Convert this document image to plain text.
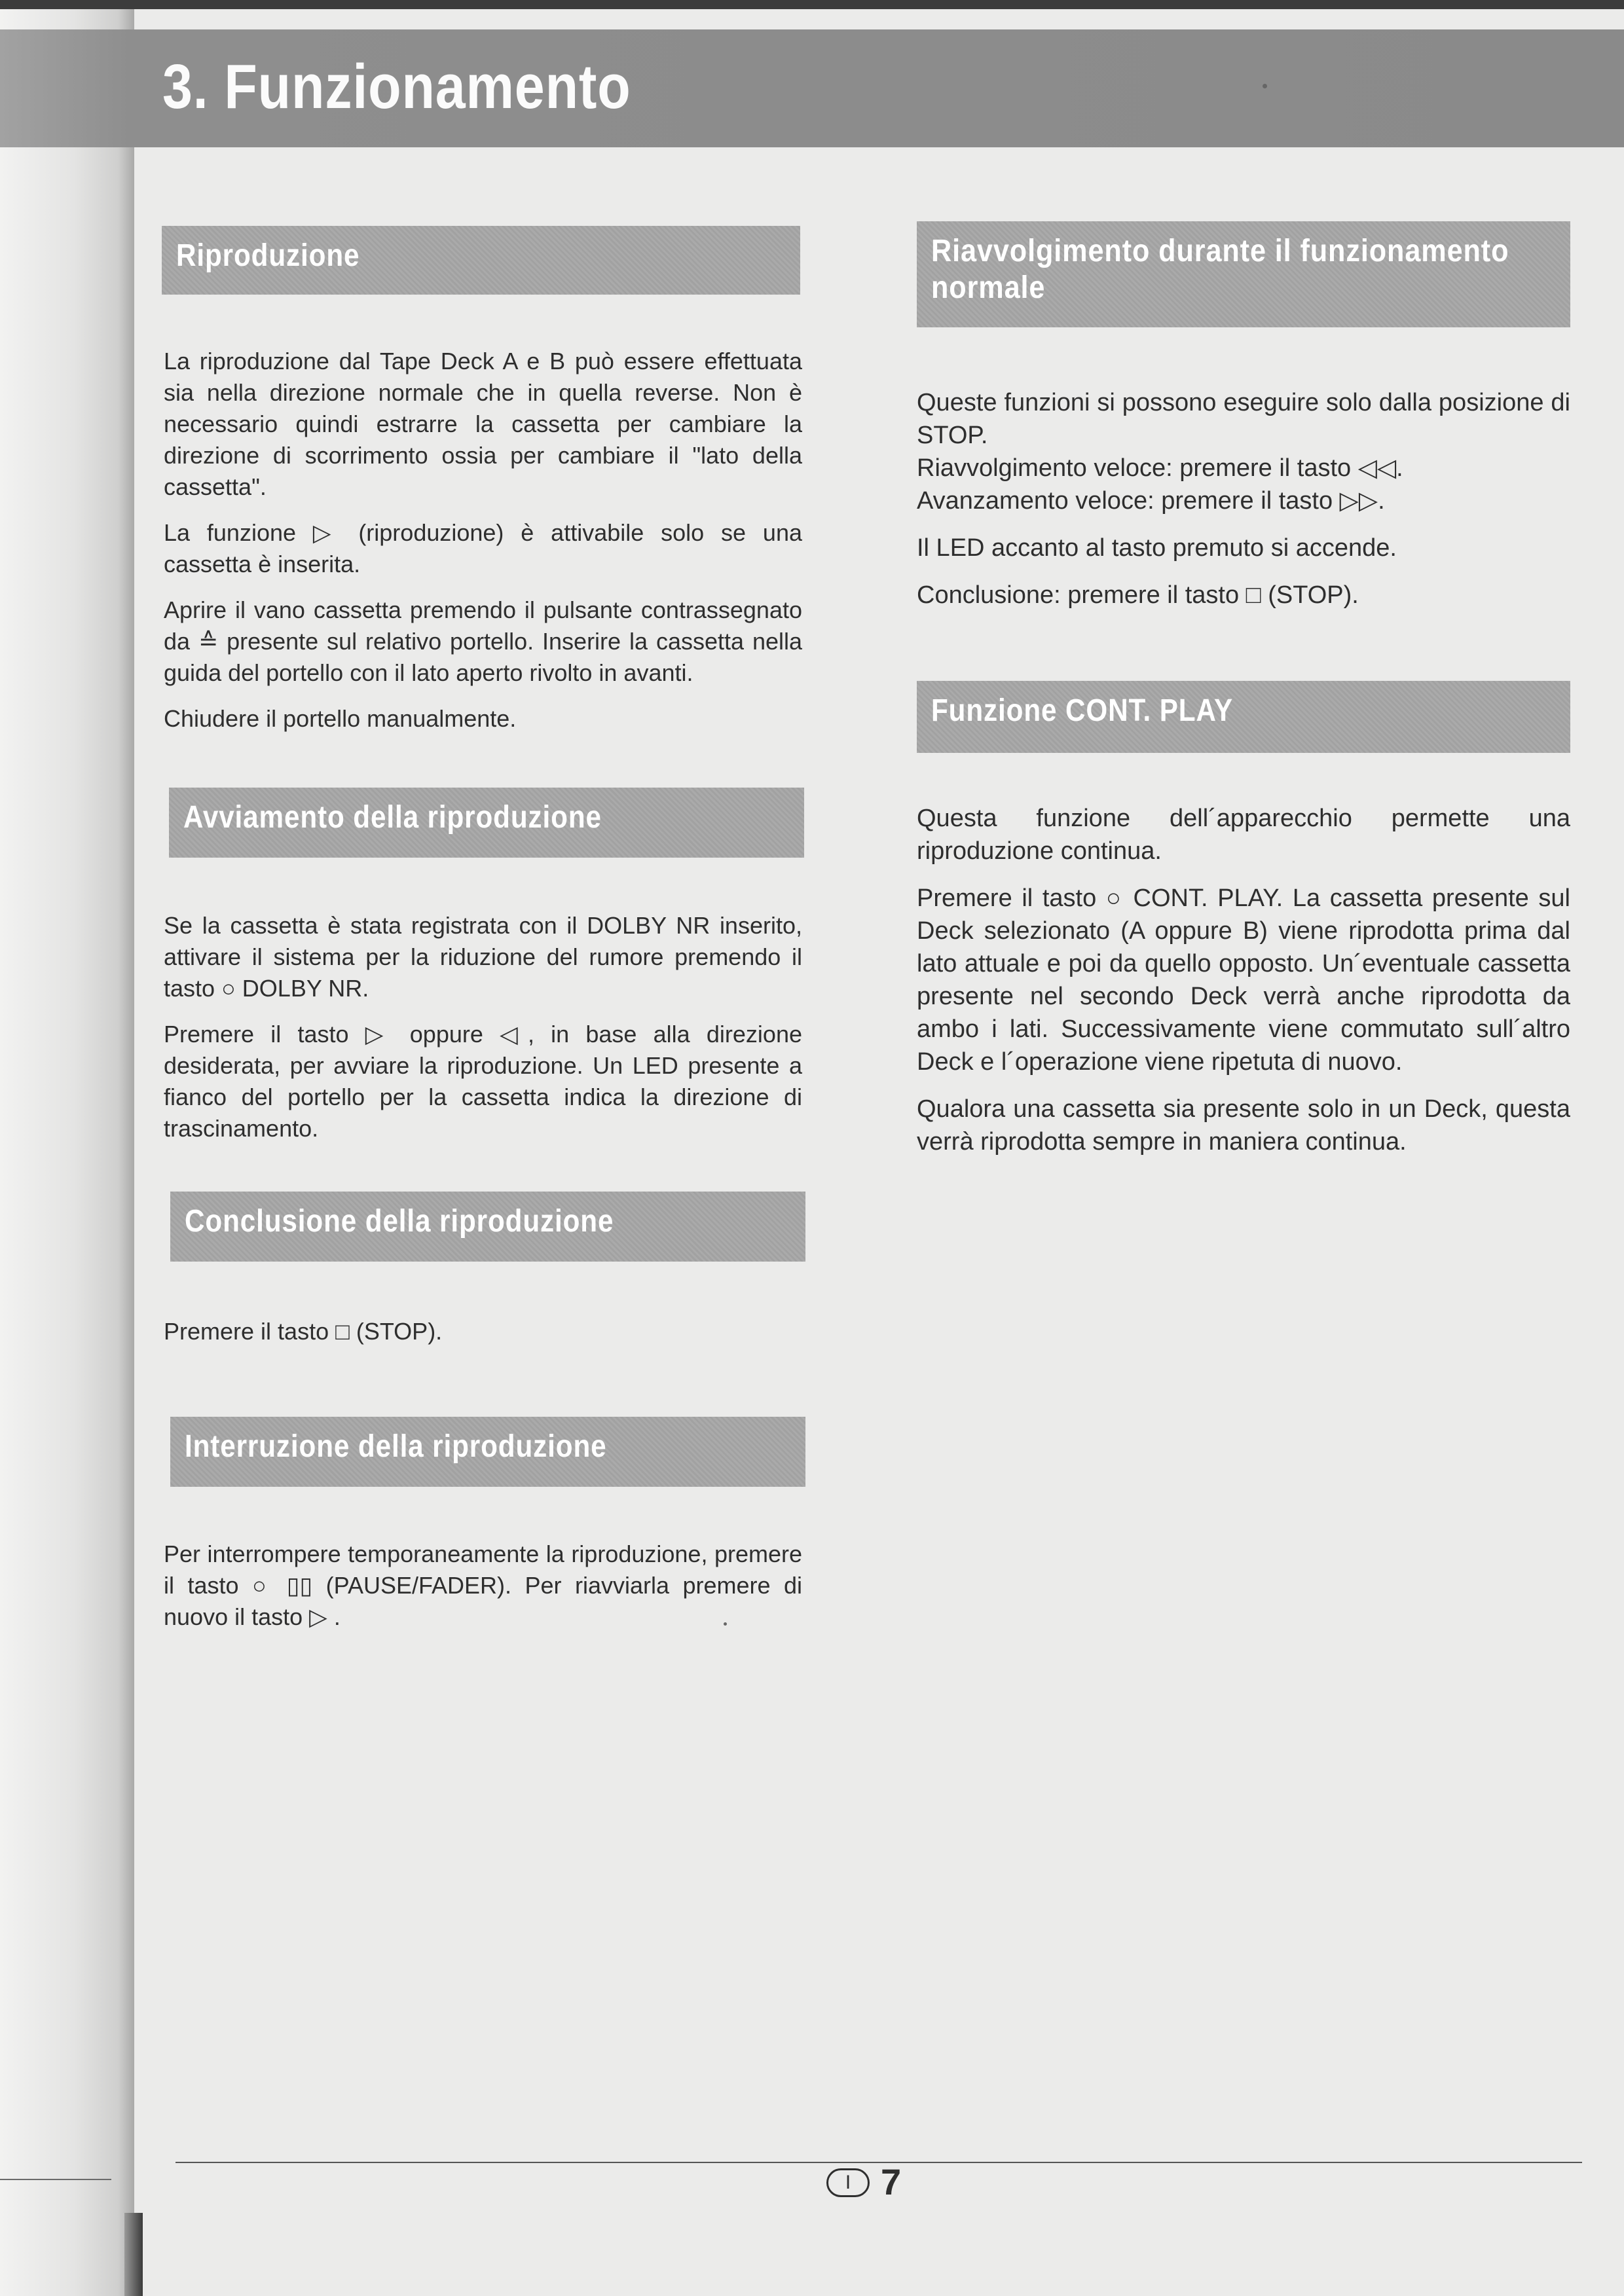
3. Funzionamento
Riproduzione

La riproduzione dal Tape Deck A e B può essere effettuata sia nella direzione normale che in quella reverse. Non è necessario quindi estrarre la cassetta per cambiare la direzione di scorrimento ossia per cambiare il "lato della cassetta".

La funzione ▷ (riproduzione) è attivabile solo se una cassetta è inserita.

Aprire il vano cassetta premendo il pulsante contrassegnato da ≙ presente sul relativo portello. Inserire la cassetta nella guida del portello con il lato aperto rivolto in avanti.

Chiudere il portello manualmente.

Avviamento della riproduzione

Se la cassetta è stata registrata con il DOLBY NR inserito, attivare il sistema per la riduzione del rumore premendo il tasto ○ DOLBY NR.

Premere il tasto ▷ oppure ◁, in base alla direzione desiderata, per avviare la riproduzione. Un LED presente a fianco del portello per la cassetta indica la direzione di trascinamento.

Conclusione della riproduzione

Premere il tasto □ (STOP).

Interruzione della riproduzione

Per interrompere temporaneamente la riproduzione, premere il tasto ○ ▯▯ (PAUSE/FADER). Per riavviarla premere di nuovo il tasto ▷ .

Riavvolgimento durante il funzionamento normale

Queste funzioni si possono eseguire solo dalla posizione di STOP.

Riavvolgimento veloce: premere il tasto ◁◁.

Avanzamento veloce: premere il tasto ▷▷.

Il LED accanto al tasto premuto si accende.

Conclusione: premere il tasto □ (STOP).

Funzione CONT. PLAY

Questa funzione dell´apparecchio permette una riproduzione continua.

Premere il tasto ○ CONT. PLAY. La cassetta presente sul Deck selezionato (A oppure B) viene riprodotta prima dal lato attuale e poi da quello opposto. Un´eventuale cassetta presente nel secondo Deck verrà anche riprodotta da ambo i lati. Successivamente viene commutato sull´altro Deck e l´operazione viene ripetuta di nuovo.

Qualora una cassetta sia presente solo in un Deck, questa verrà riprodotta sempre in maniera continua.

I 7
